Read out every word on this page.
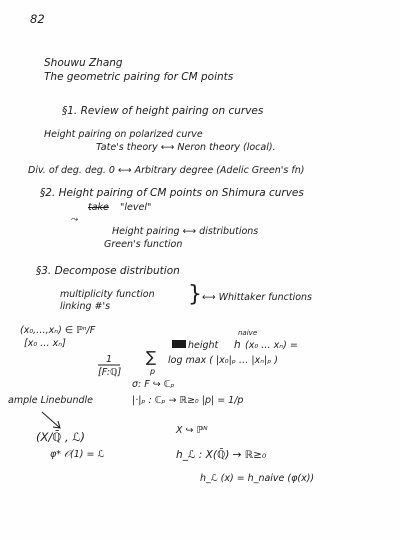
82
Shouwu Zhang
The geometric pairing for CM points
§1. Review of height pairing on curves
Height pairing on polarized curve
Tate's theory ⟷ Neron theory (local).
Div. of deg. deg. 0 ⟷ Arbitrary degree (Adelic Green's fn)
§2. Height pairing of CM points on Shimura curves
take "level"
⤳
Height pairing ⟷ distributions
Green's function
§3. Decompose distribution
multiplicity function
linking #'s	} ⟷ Whittaker functions
(x₀,…,xₙ) ∈ ℙⁿ/F
[x₀ … xₙ]	height h
naive
(x₀ … xₙ) =
1
[F:ℚ]
∑
p
log max ( |x₀|ₚ … |xₙ|ₚ )
σ: F ↪ ℂₚ
|·|ₚ : ℂₚ → ℝ≥₀ |p| = 1/p
ample Linebundle
(X/ℚ̄ , ℒ)
φ* 𝒪(1) = ℒ
X ↪ ℙᴺ
h_ℒ : X(ℚ̄) → ℝ≥₀
h_ℒ (x) = h_naive (φ(x))
